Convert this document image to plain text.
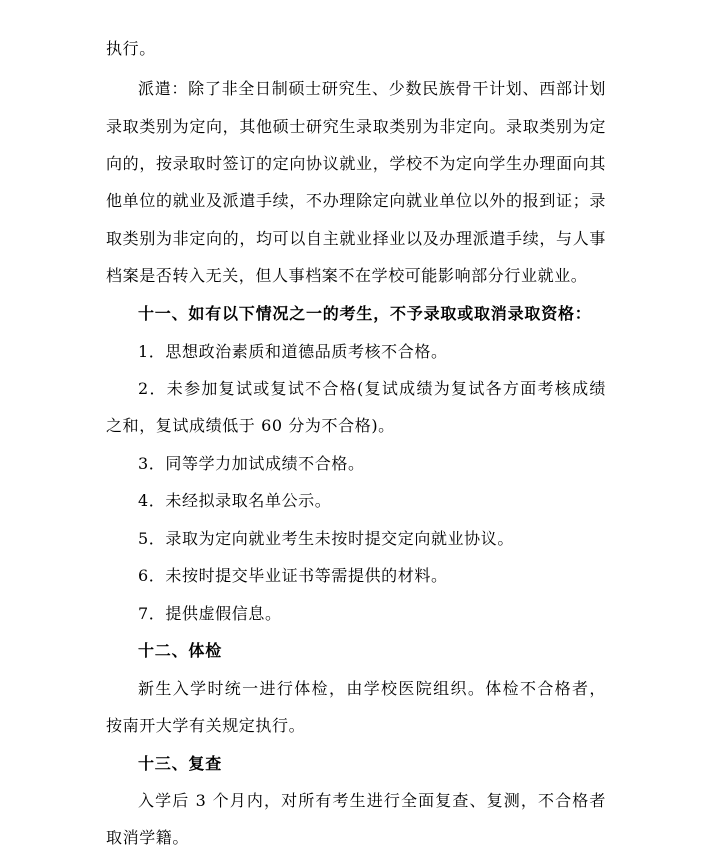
执行。
派遣：除了非全日制硕士研究生、少数民族骨干计划、西部计划
录取类别为定向，其他硕士研究生录取类别为非定向。录取类别为定
向的，按录取时签订的定向协议就业，学校不为定向学生办理面向其
他单位的就业及派遣手续，不办理除定向就业单位以外的报到证；录
取类别为非定向的，均可以自主就业择业以及办理派遣手续，与人事
档案是否转入无关，但人事档案不在学校可能影响部分行业就业。
十一、如有以下情况之一的考生，不予录取或取消录取资格：
1．思想政治素质和道德品质考核不合格。
2．未参加复试或复试不合格(复试成绩为复试各方面考核成绩
之和，复试成绩低于 60 分为不合格)。
3．同等学力加试成绩不合格。
4．未经拟录取名单公示。
5．录取为定向就业考生未按时提交定向就业协议。
6．未按时提交毕业证书等需提供的材料。
7．提供虚假信息。
十二、体检
新生入学时统一进行体检，由学校医院组织。体检不合格者，
按南开大学有关规定执行。
十三、复查
入学后 3 个月内，对所有考生进行全面复查、复测，不合格者
取消学籍。
